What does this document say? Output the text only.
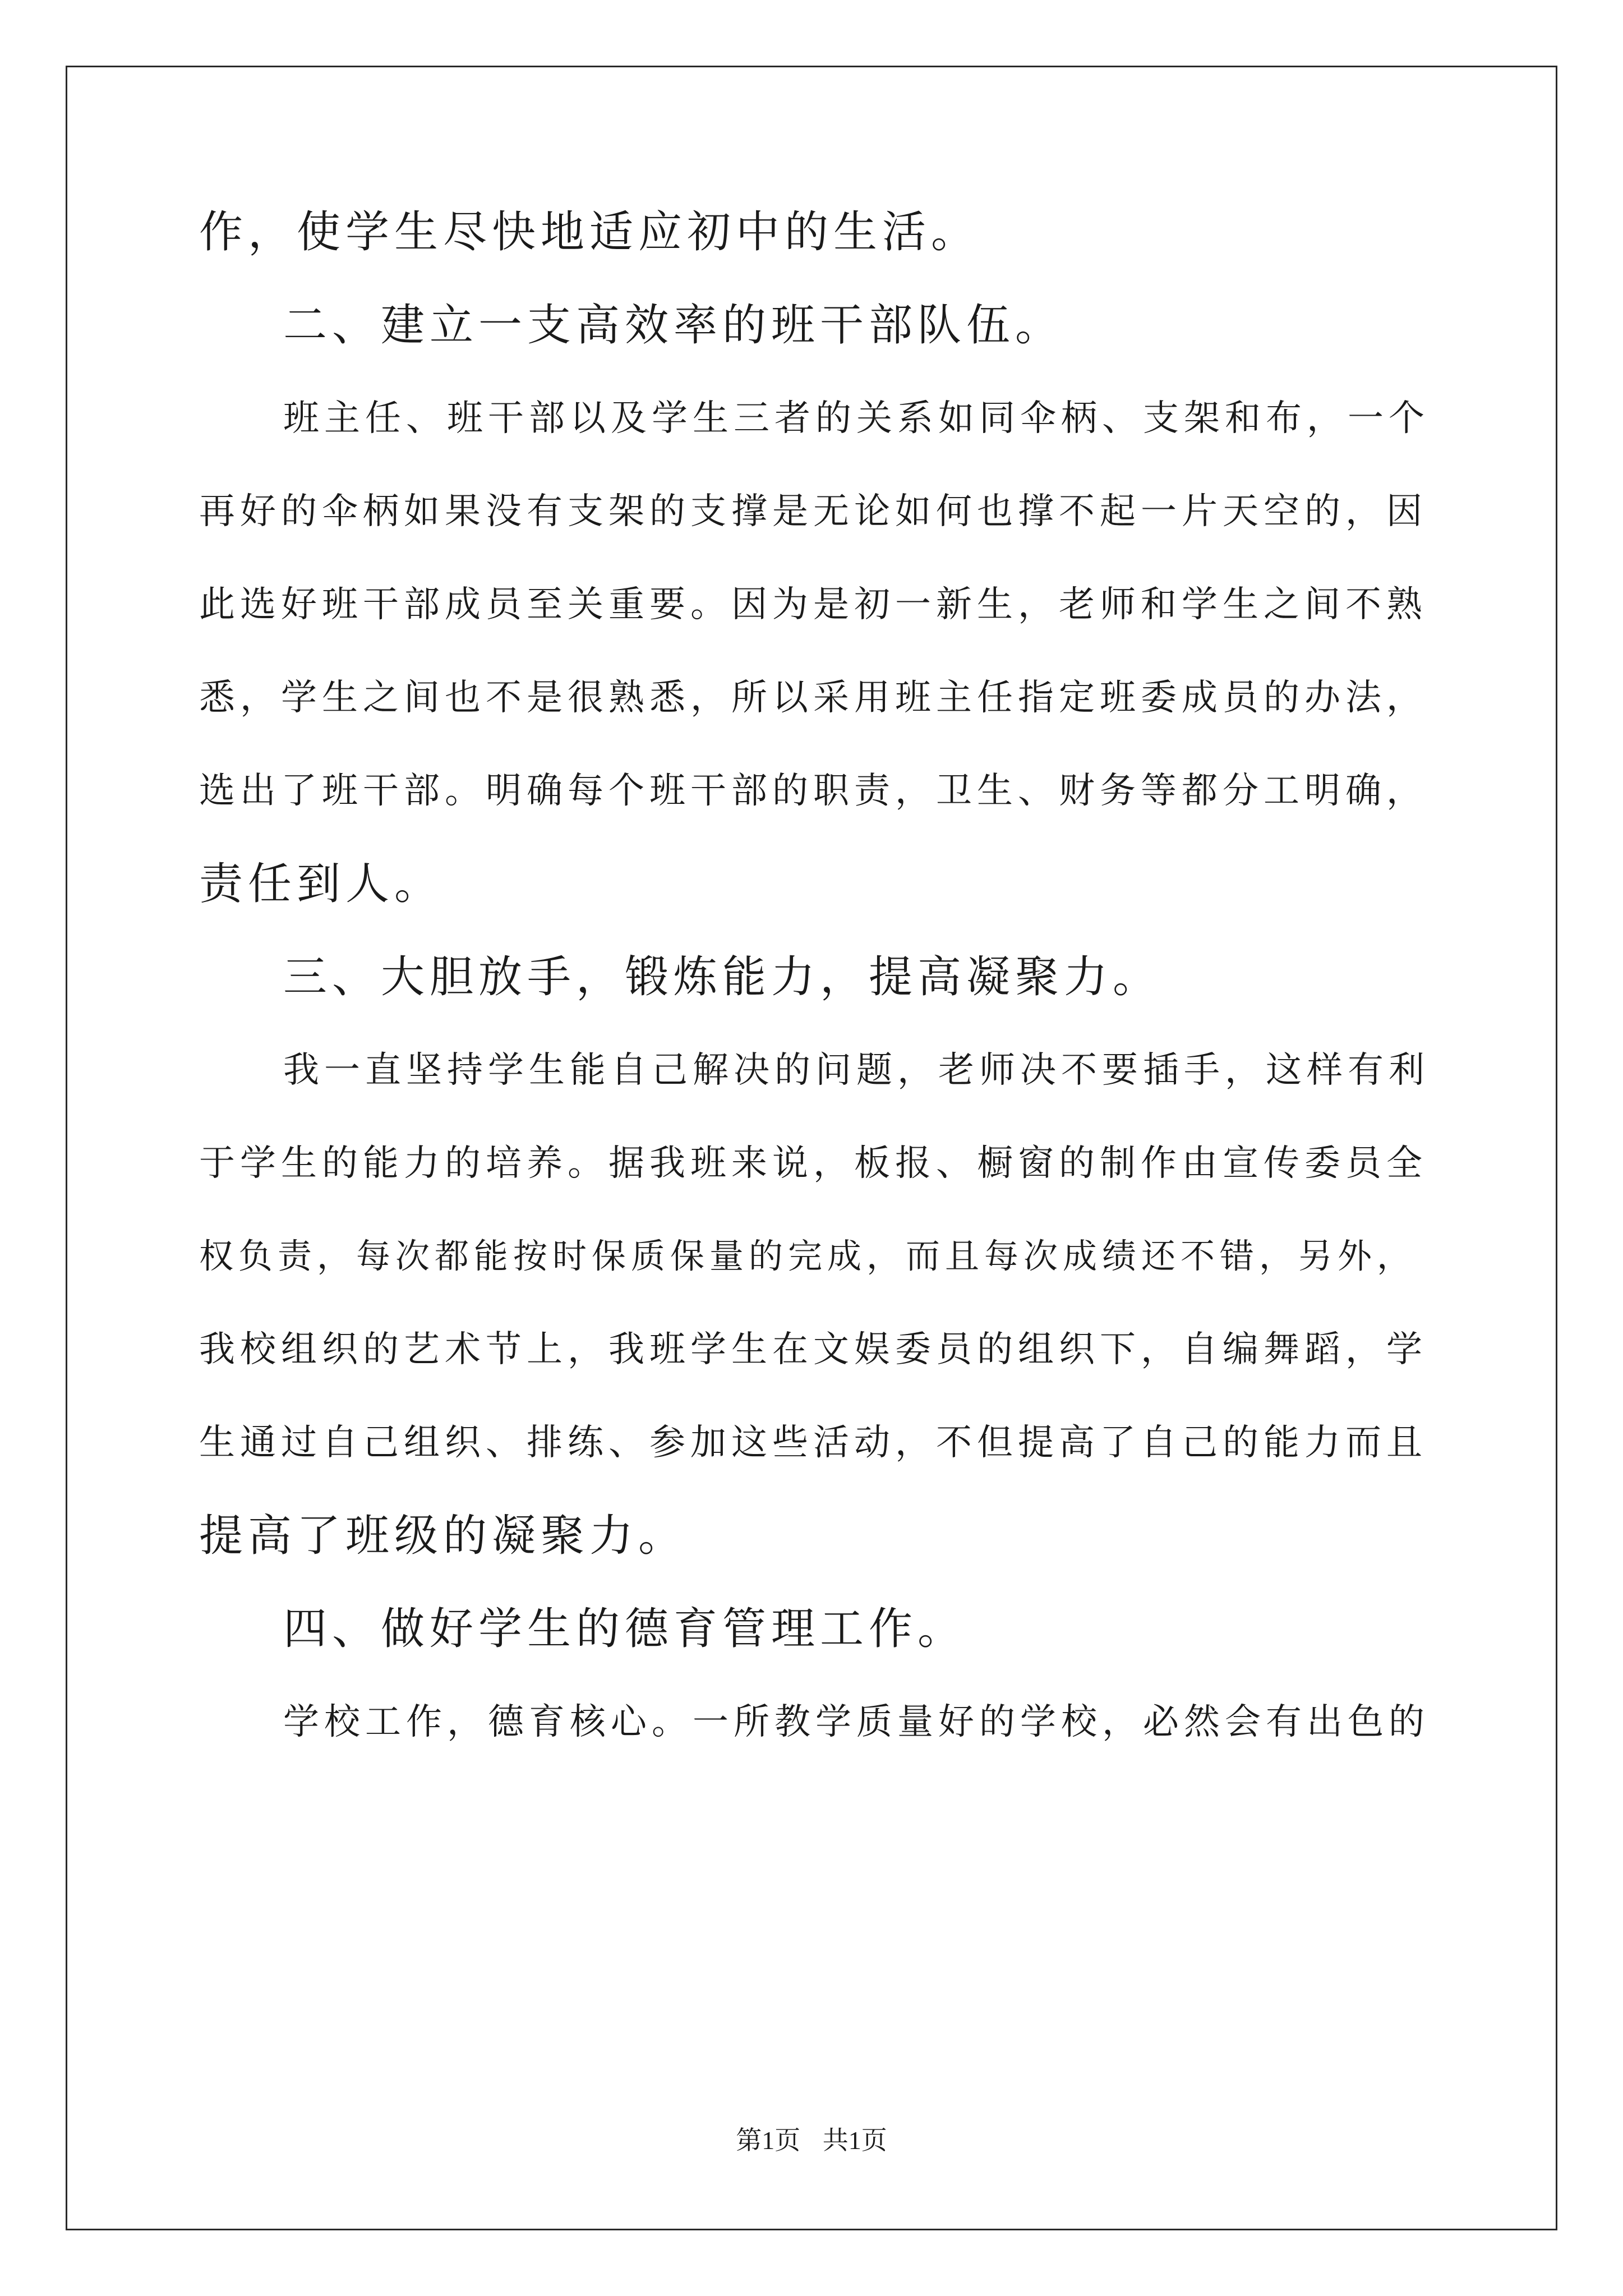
作，使学生尽快地适应初中的生活。

二、建立一支高效率的班干部队伍。

班主任、班干部以及学生三者的关系如同伞柄、支架和布，一个

再好的伞柄如果没有支架的支撑是无论如何也撑不起一片天空的，因

此选好班干部成员至关重要。因为是初一新生，老师和学生之间不熟

悉，学生之间也不是很熟悉，所以采用班主任指定班委成员的办法，

选出了班干部。明确每个班干部的职责，卫生、财务等都分工明确，

责任到人。

三、大胆放手，锻炼能力，提高凝聚力。

我一直坚持学生能自己解决的问题，老师决不要插手，这样有利

于学生的能力的培养。据我班来说，板报、橱窗的制作由宣传委员全

权负责，每次都能按时保质保量的完成，而且每次成绩还不错，另外，

我校组织的艺术节上，我班学生在文娱委员的组织下，自编舞蹈，学

生通过自己组织、排练、参加这些活动，不但提高了自己的能力而且

提高了班级的凝聚力。

四、做好学生的德育管理工作。

学校工作，德育核心。一所教学质量好的学校，必然会有出色的

第1页 共1页
